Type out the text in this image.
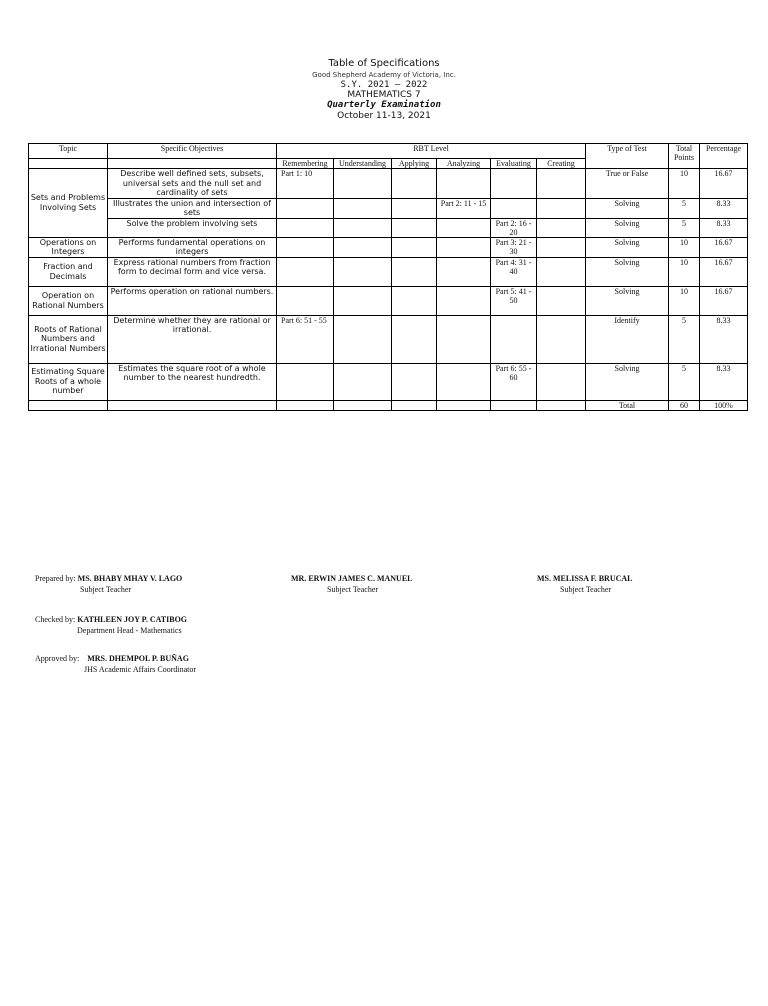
Table of Specifications
Good Shepherd Academy of Victoria, Inc.
S.Y. 2021 – 2022
MATHEMATICS 7
Quarterly Examination
October 11-13, 2021
Topic	Specific Objectives	RBT Level						Type of Test	Total Points	Percentage
		Remembering	Understanding	Applying	Analyzing	Evaluating	Creating			
Sets and Problems Involving Sets	Describe well defined sets, subsets, universal sets and the null set and cardinality of sets	Part 1: 10						True or False	10	16.67
	Illustrates the union and intersection of sets				Part 2: 11 - 15			Solving	5	8.33
	Solve the problem involving sets					Part 2: 16 - 20		Solving	5	8.33
Operations on Integers	Performs fundamental operations on integers					Part 3: 21 - 30		Solving	10	16.67
Fraction and Decimals	Express rational numbers from fraction form to decimal form and vice versa.					Part 4: 31 - 40		Solving	10	16.67
Operation on Rational Numbers	Performs operation on rational numbers.					Part 5: 41 - 50		Solving	10	16.67
Roots of Rational Numbers and Irrational Numbers	Determine whether they are rational or irrational.	Part 6: 51 - 55						Identify	5	8.33
Estimating Square Roots of a whole number	Estimates the square root of a whole number to the nearest hundredth.					Part 6: 55 - 60		Solving	5	8.33
								Total	60	100%
Prepared by: MS. BHABY MHAY V. LAGO
Subject Teacher
MR. ERWIN JAMES C. MANUEL
Subject Teacher
MS. MELISSA F. BRUCAL
Subject Teacher
Checked by: KATHLEEN JOY P. CATIBOG
Department Head - Mathematics
Approved by: MRS. DHEMPOL P. BUÑAG
JHS Academic Affairs Coordinator
